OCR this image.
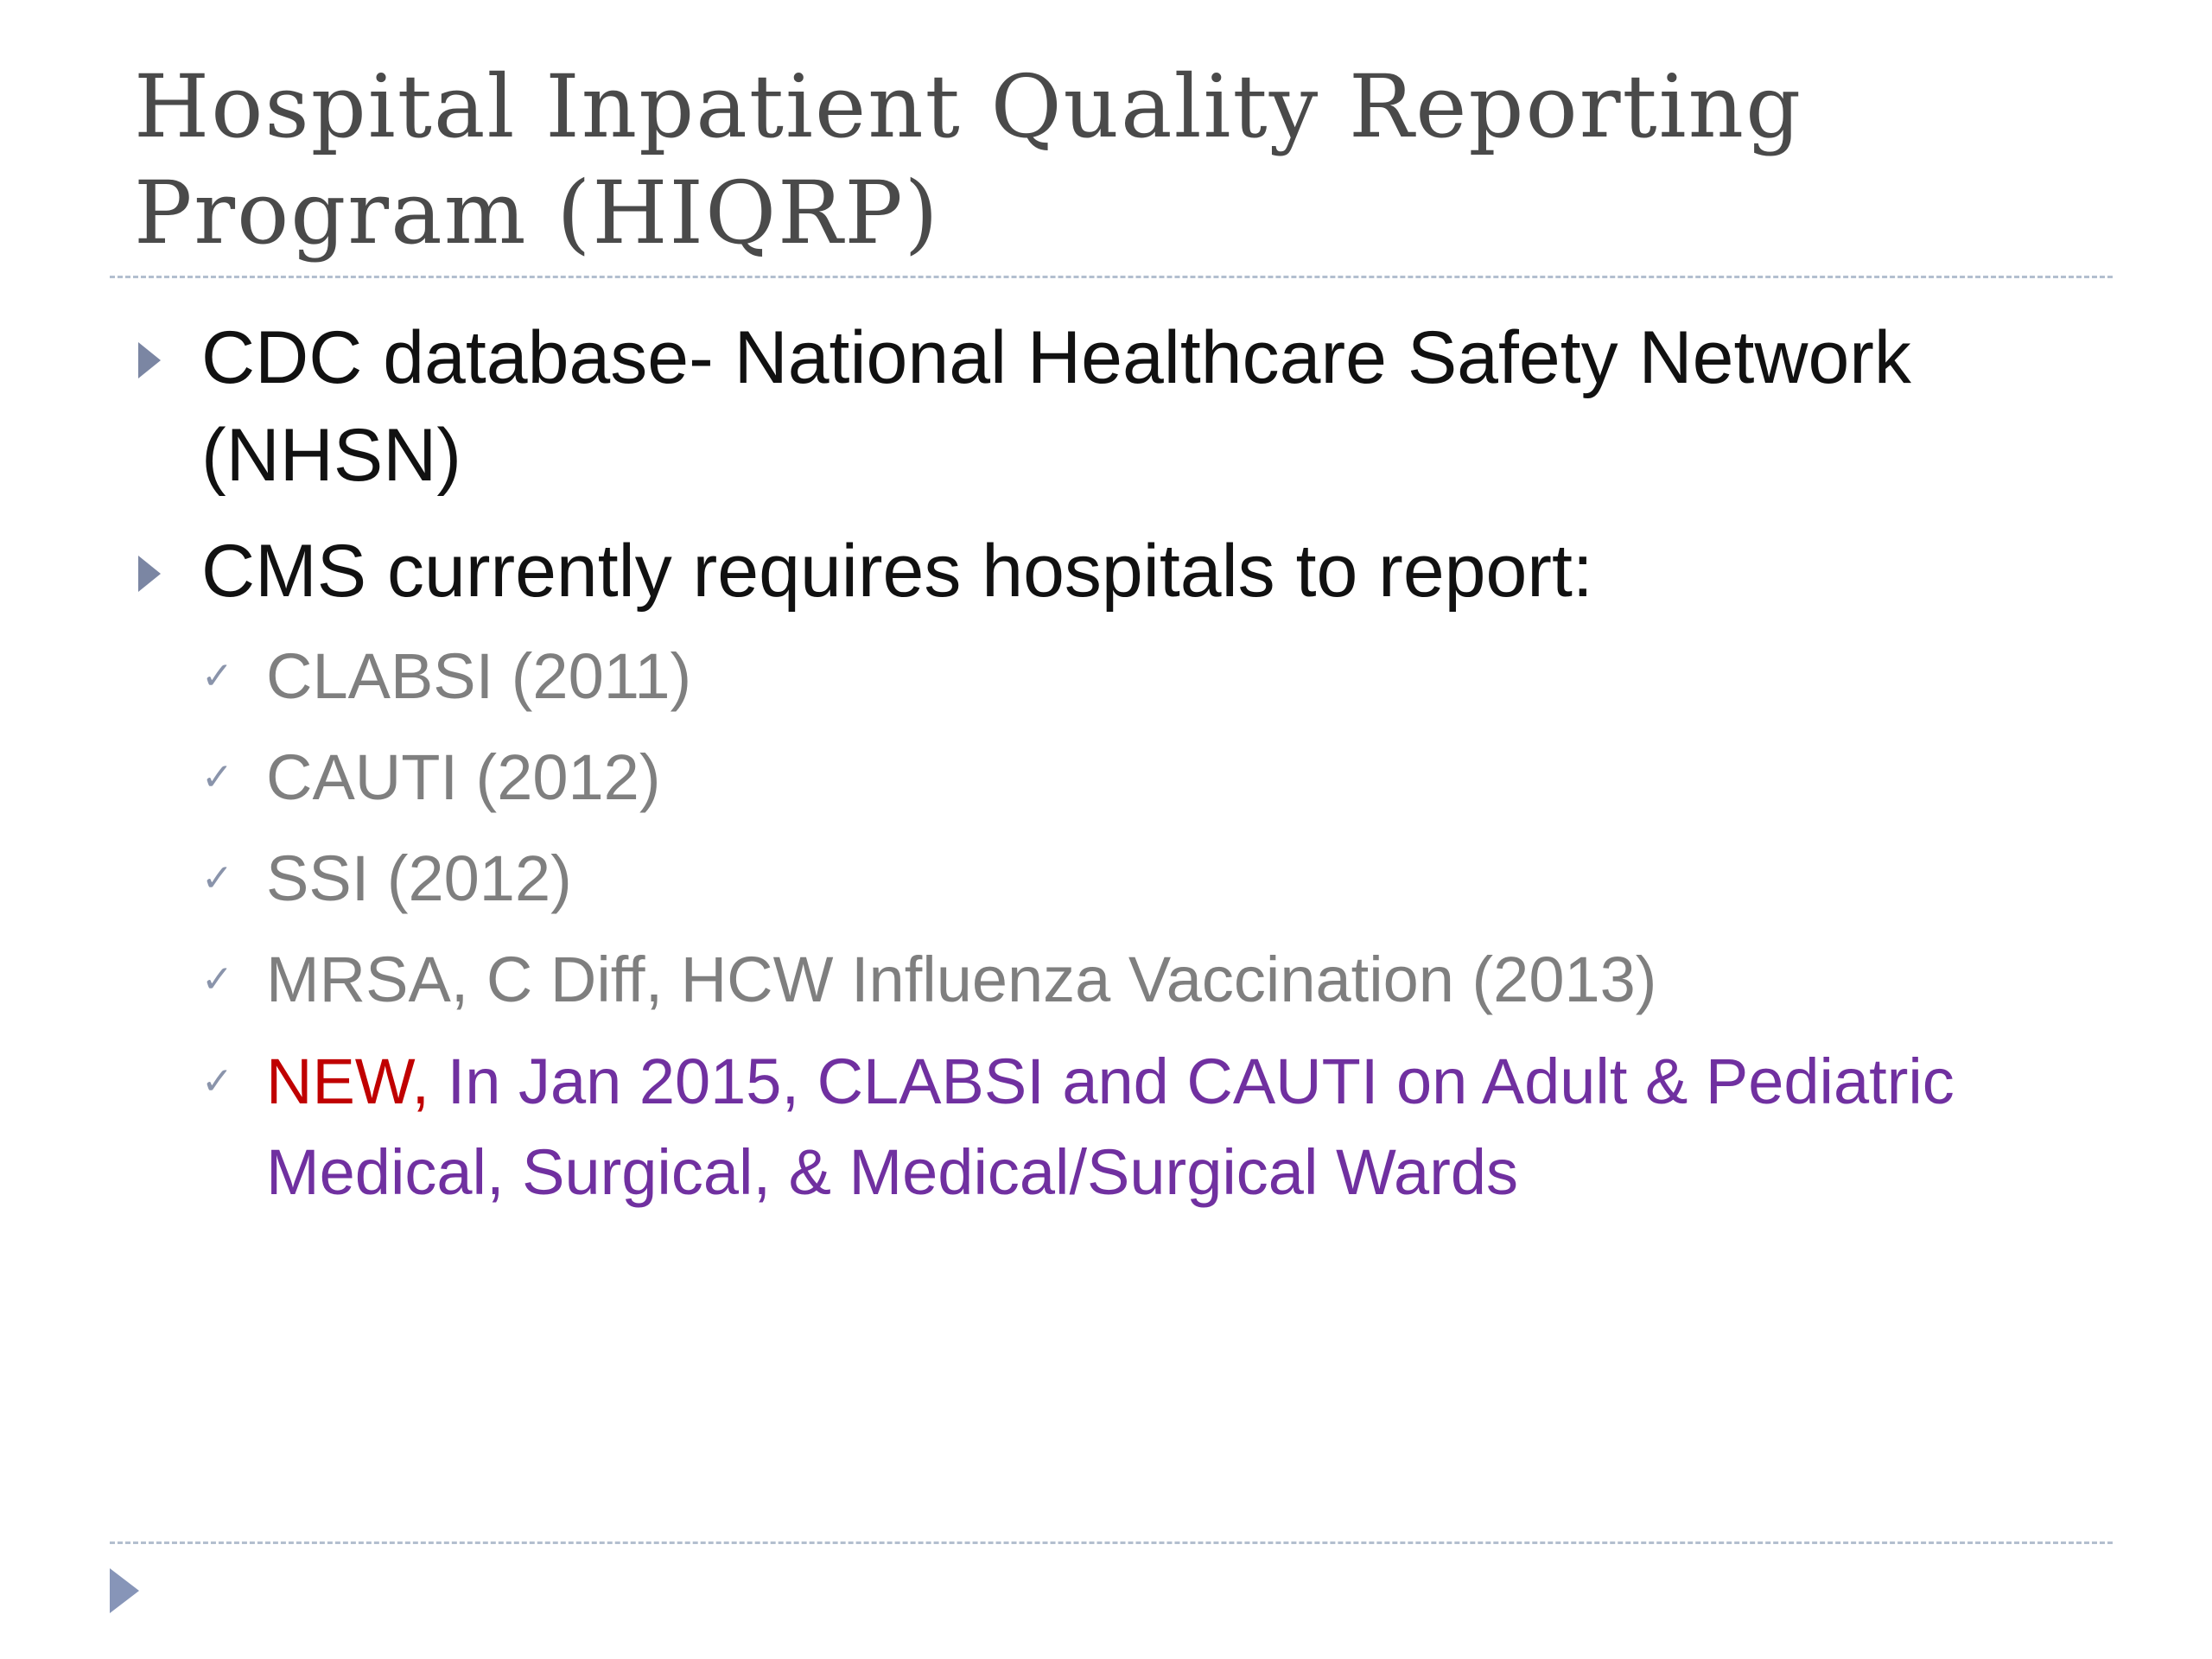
Hospital Inpatient Quality Reporting
Program (HIQRP)
CDC database- National Healthcare Safety Network (NHSN)
CMS currently requires hospitals to report:
✓ CLABSI (2011)
✓ CAUTI (2012)
✓ SSI (2012)
✓ MRSA, C Diff, HCW Influenza Vaccination (2013)
✓ NEW, In Jan 2015, CLABSI and CAUTI on Adult & Pediatric Medical, Surgical, & Medical/Surgical Wards
